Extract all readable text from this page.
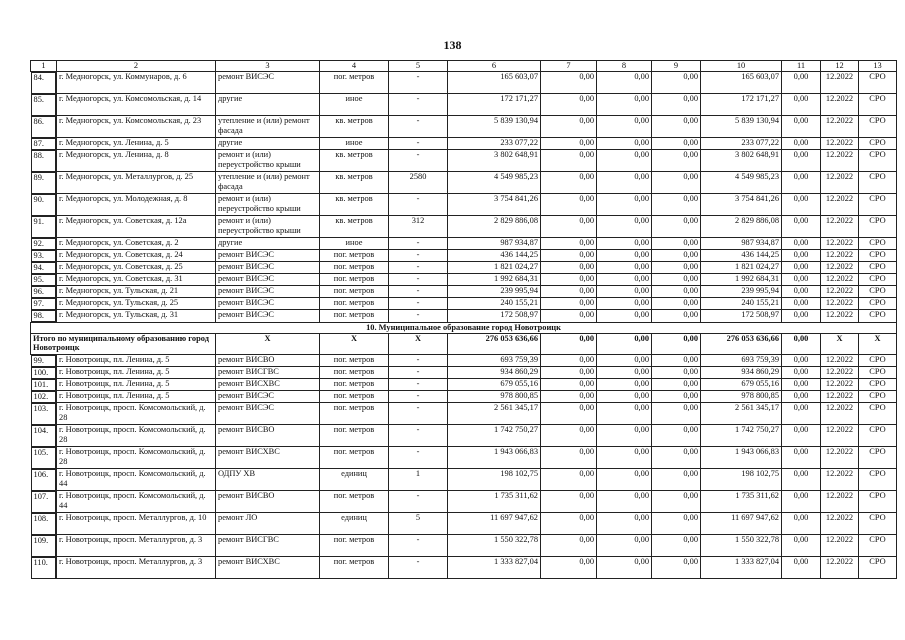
138
1	2	3	4	5	6	7	8	9	10	11	12	13

84.	г. Медногорск, ул. Коммунаров, д. 6	ремонт ВИСЭС	пог. метров	-	165 603,07	0,00	0,00	0,00	165 603,07	0,00	12.2022	СРО

85.	г. Медногорск, ул. Комсомольская, д. 14	другие	иное	-	172 171,27	0,00	0,00	0,00	172 171,27	0,00	12.2022	СРО

86.	г. Медногорск, ул. Комсомольская, д. 23	утепление и (или) ремонт фасада	кв. метров	-	5 839 130,94	0,00	0,00	0,00	5 839 130,94	0,00	12.2022	СРО

87.	г. Медногорск, ул. Ленина, д. 5	другие	иное	-	233 077,22	0,00	0,00	0,00	233 077,22	0,00	12.2022	СРО

88.	г. Медногорск, ул. Ленина, д. 8	ремонт и (или) переустройство крыши	кв. метров	-	3 802 648,91	0,00	0,00	0,00	3 802 648,91	0,00	12.2022	СРО

89.	г. Медногорск, ул. Металлургов, д. 25	утепление и (или) ремонт фасада	кв. метров	2580	4 549 985,23	0,00	0,00	0,00	4 549 985,23	0,00	12.2022	СРО

90.	г. Медногорск, ул. Молодежная, д. 8	ремонт и (или) переустройство крыши	кв. метров	-	3 754 841,26	0,00	0,00	0,00	3 754 841,26	0,00	12.2022	СРО

91.	г. Медногорск, ул. Советская, д. 12а	ремонт и (или) переустройство крыши	кв. метров	312	2 829 886,08	0,00	0,00	0,00	2 829 886,08	0,00	12.2022	СРО

92.	г. Медногорск, ул. Советская, д. 2	другие	иное	-	987 934,87	0,00	0,00	0,00	987 934,87	0,00	12.2022	СРО

93.	г. Медногорск, ул. Советская, д. 24	ремонт ВИСЭС	пог. метров	-	436 144,25	0,00	0,00	0,00	436 144,25	0,00	12.2022	СРО

94.	г. Медногорск, ул. Советская, д. 25	ремонт ВИСЭС	пог. метров	-	1 821 024,27	0,00	0,00	0,00	1 821 024,27	0,00	12.2022	СРО

95.	г. Медногорск, ул. Советская, д. 31	ремонт ВИСЭС	пог. метров	-	1 992 684,31	0,00	0,00	0,00	1 992 684,31	0,00	12.2022	СРО

96.	г. Медногорск, ул. Тульская, д. 21	ремонт ВИСЭС	пог. метров	-	239 995,94	0,00	0,00	0,00	239 995,94	0,00	12.2022	СРО

97.	г. Медногорск, ул. Тульская, д. 25	ремонт ВИСЭС	пог. метров	-	240 155,21	0,00	0,00	0,00	240 155,21	0,00	12.2022	СРО

98.	г. Медногорск, ул. Тульская, д. 31	ремонт ВИСЭС	пог. метров	-	172 508,97	0,00	0,00	0,00	172 508,97	0,00	12.2022	СРО
10. Муниципальное образование город Новотроицк												
Итого по муниципальному образованию город Новотроицк		X	X	X	276 053 636,66	0,00	0,00	0,00	276 053 636,66	0,00	X	X

99.	г. Новотроицк, пл. Ленина, д. 5	ремонт ВИСВО	пог. метров	-	693 759,39	0,00	0,00	0,00	693 759,39	0,00	12.2022	СРО

100.	г. Новотроицк, пл. Ленина, д. 5	ремонт ВИСГВС	пог. метров	-	934 860,29	0,00	0,00	0,00	934 860,29	0,00	12.2022	СРО

101.	г. Новотроицк, пл. Ленина, д. 5	ремонт ВИСХВС	пог. метров	-	679 055,16	0,00	0,00	0,00	679 055,16	0,00	12.2022	СРО

102.	г. Новотроицк, пл. Ленина, д. 5	ремонт ВИСЭС	пог. метров	-	978 800,85	0,00	0,00	0,00	978 800,85	0,00	12.2022	СРО

103.	г. Новотроицк, просп. Комсомольский, д. 28	ремонт ВИСЭС	пог. метров	-	2 561 345,17	0,00	0,00	0,00	2 561 345,17	0,00	12.2022	СРО

104.	г. Новотроицк, просп. Комсомольский, д. 28	ремонт ВИСВО	пог. метров	-	1 742 750,27	0,00	0,00	0,00	1 742 750,27	0,00	12.2022	СРО

105.	г. Новотроицк, просп. Комсомольский, д. 28	ремонт ВИСХВС	пог. метров	-	1 943 066,83	0,00	0,00	0,00	1 943 066,83	0,00	12.2022	СРО

106.	г. Новотроицк, просп. Комсомольский, д. 44	ОДПУ ХВ	единиц	1	198 102,75	0,00	0,00	0,00	198 102,75	0,00	12.2022	СРО

107.	г. Новотроицк, просп. Комсомольский, д. 44	ремонт ВИСВО	пог. метров	-	1 735 311,62	0,00	0,00	0,00	1 735 311,62	0,00	12.2022	СРО

108.	г. Новотроицк, просп. Металлургов, д. 10	ремонт ЛО	единиц	5	11 697 947,62	0,00	0,00	0,00	11 697 947,62	0,00	12.2022	СРО

109.	г. Новотроицк, просп. Металлургов, д. 3	ремонт ВИСГВС	пог. метров	-	1 550 322,78	0,00	0,00	0,00	1 550 322,78	0,00	12.2022	СРО

110.	г. Новотроицк, просп. Металлургов, д. 3	ремонт ВИСХВС	пог. метров	-	1 333 827,04	0,00	0,00	0,00	1 333 827,04	0,00	12.2022	СРО
